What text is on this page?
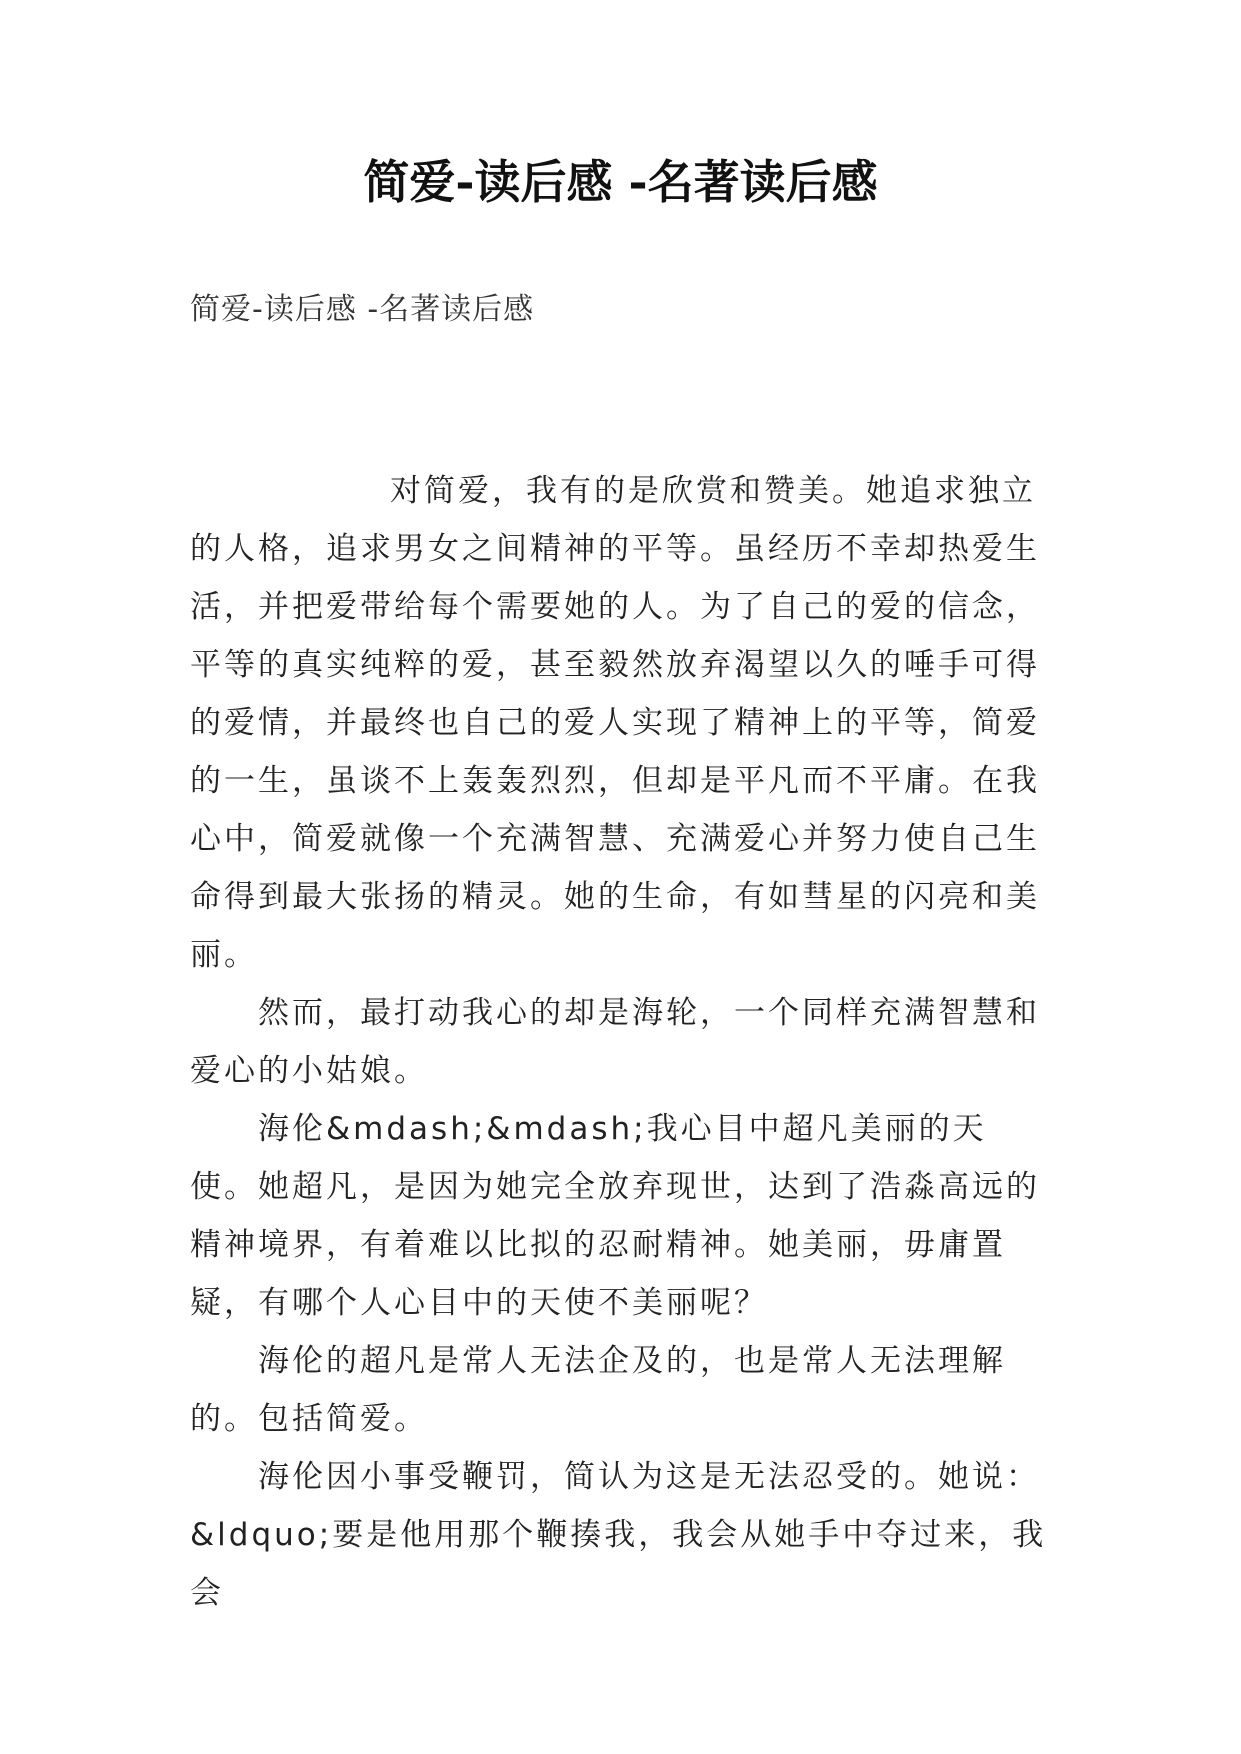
简爱-读后感 -名著读后感
简爱-读后感 -名著读后感

对简爱，我有的是欣赏和赞美。她追求独立的人格，追求男女之间精神的平等。虽经历不幸却热爱生活，并把爱带给每个需要她的人。为了自己的爱的信念，平等的真实纯粹的爱，甚至毅然放弃渴望以久的唾手可得的爱情，并最终也自己的爱人实现了精神上的平等，简爱的一生，虽谈不上轰轰烈烈，但却是平凡而不平庸。在我心中，简爱就像一个充满智慧、充满爱心并努力使自己生命得到最大张扬的精灵。她的生命，有如彗星的闪亮和美丽。

然而，最打动我心的却是海轮，一个同样充满智慧和爱心的小姑娘。

海伦&mdash;&mdash;我心目中超凡美丽的天使。她超凡，是因为她完全放弃现世，达到了浩淼高远的精神境界，有着难以比拟的忍耐精神。她美丽，毋庸置疑，有哪个人心目中的天使不美丽呢？

海伦的超凡是常人无法企及的，也是常人无法理解的。包括简爱。

海伦因小事受鞭罚，简认为这是无法忍受的。她说：&ldquo;要是他用那个鞭揍我，我会从她手中夺过来，我会
